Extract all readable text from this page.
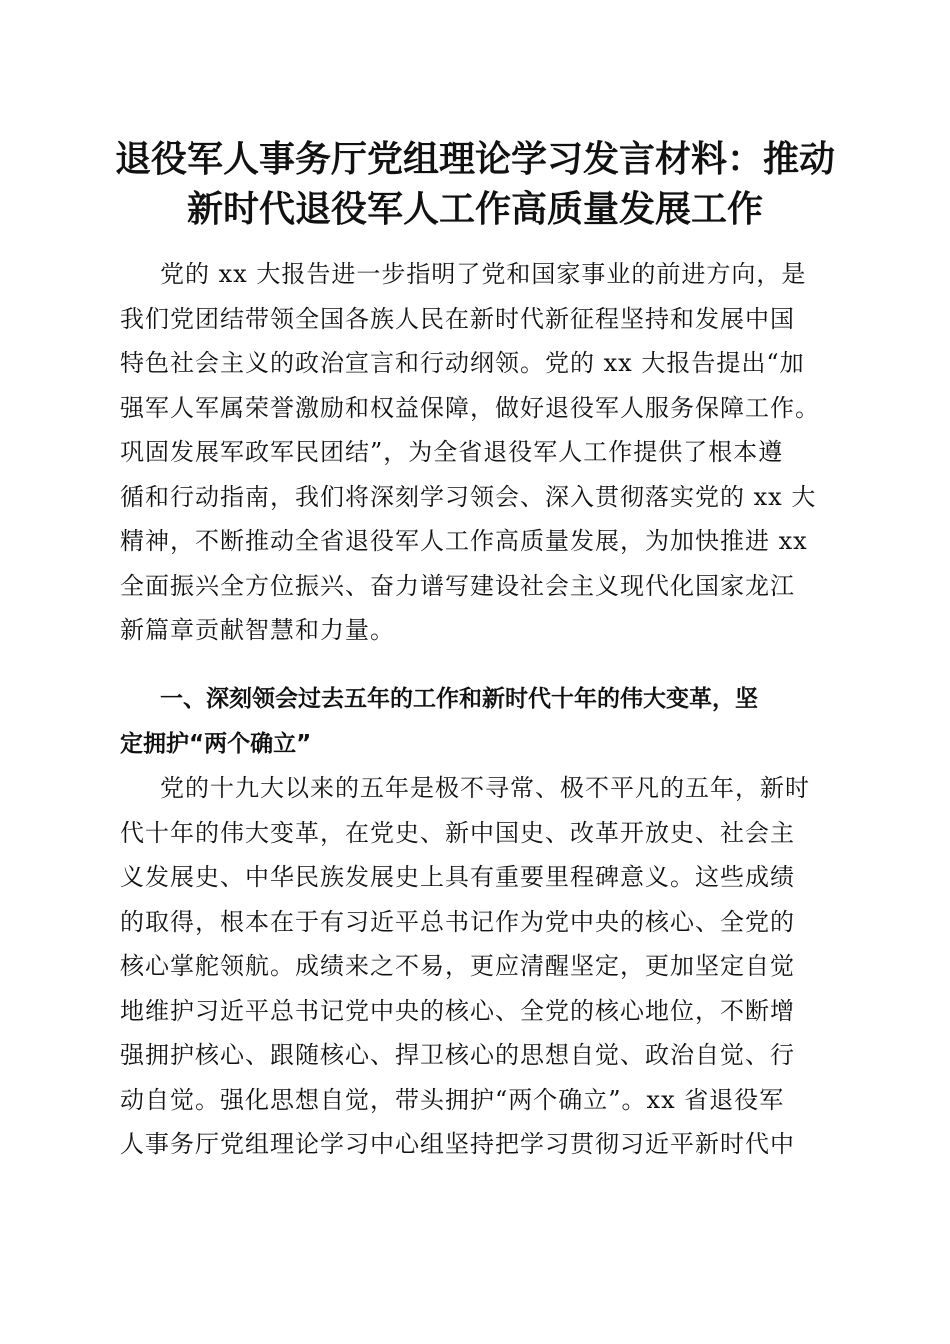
退役军人事务厅党组理论学习发言材料：推动
新时代退役军人工作高质量发展工作
党的 xx 大报告进一步指明了党和国家事业的前进方向，是
我们党团结带领全国各族人民在新时代新征程坚持和发展中国
特色社会主义的政治宣言和行动纲领。党的 xx 大报告提出“加
强军人军属荣誉激励和权益保障，做好退役军人服务保障工作。
巩固发展军政军民团结”，为全省退役军人工作提供了根本遵
循和行动指南，我们将深刻学习领会、深入贯彻落实党的 xx 大
精神，不断推动全省退役军人工作高质量发展，为加快推进 xx
全面振兴全方位振兴、奋力谱写建设社会主义现代化国家龙江
新篇章贡献智慧和力量。
一、深刻领会过去五年的工作和新时代十年的伟大变革，坚
定拥护“两个确立”
党的十九大以来的五年是极不寻常、极不平凡的五年，新时
代十年的伟大变革，在党史、新中国史、改革开放史、社会主
义发展史、中华民族发展史上具有重要里程碑意义。这些成绩
的取得，根本在于有习近平总书记作为党中央的核心、全党的
核心掌舵领航。成绩来之不易，更应清醒坚定，更加坚定自觉
地维护习近平总书记党中央的核心、全党的核心地位，不断增
强拥护核心、跟随核心、捍卫核心的思想自觉、政治自觉、行
动自觉。强化思想自觉，带头拥护“两个确立”。xx 省退役军
人事务厅党组理论学习中心组坚持把学习贯彻习近平新时代中
